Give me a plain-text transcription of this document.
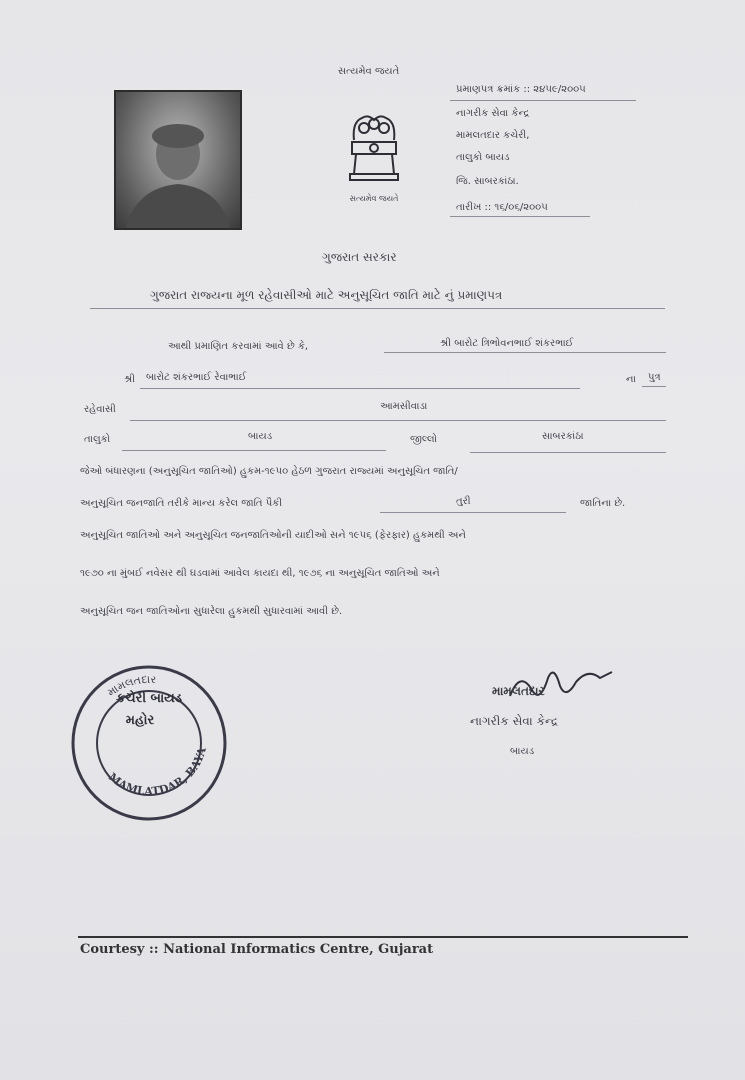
સત્યમેવ જયતે
સત્યમેવ જયતે
પ્રમાણપત્ર ક્રમાંક :: ૨૪૫૯/૨૦૦૫
નાગરીક સેવા કેન્દ્ર
મામલતદાર કચેરી,
તાલુકો બાયડ
જિ. સાબરકાંઠા.
તારીખ :: ૧૬/૦૬/૨૦૦૫
ગુજરાત સરકાર
ગુજરાત રાજ્યના મૂળ રહેવાસીઓ માટે અનુસૂચિત જાતિ માટે નું પ્રમાણપત્ર
આથી પ્રમાણિત કરવામાં આવે છે કે,	શ્રી બારોટ ત્રિભોવનભાઈ શંકરભાઈ
શ્રી બારોટ શંકરભાઈ રેવાભાઈ	ના પુત્ર
રહેવાસી	આમસીવાડા
તાલુકો	બાયડ	જીલ્લો	સાબરકાંઠા
જેઓ બંધારણના (અનુસૂચિત જાતિઓ) હુકમ-૧૯૫૦ હેઠળ ગુજરાત રાજ્યમાં અનુસૂચિત જાતિ/
અનુસૂચિત જનજાતિ તરીકે માન્ય કરેલ જાતિ પૈકી	તુરી	જાતિના છે.
અનુસૂચિત જાતિઓ અને અનુસૂચિત જનજાતિઓની યાદીઓ સને ૧૯૫૬ (ફેરફાર) હુકમથી અને
૧૯૭૦ ના મુંબઈ નવેસર થી ઘડવામાં આવેલ કાયદા થી, ૧૯૭૬ ના અનુસૂચિત જાતિઓ અને
અનુસૂચિત જન જાતિઓના સુધારેલા હુકમથી સુધારવામાં આવી છે.
મામલતદાર
MAMLATDAR, BAYA
કચેરી બાયડ
મહોર
મામલતદાર
નાગરીક સેવા કેન્દ્ર
બાયડ
Courtesy :: National Informatics Centre, Gujarat
